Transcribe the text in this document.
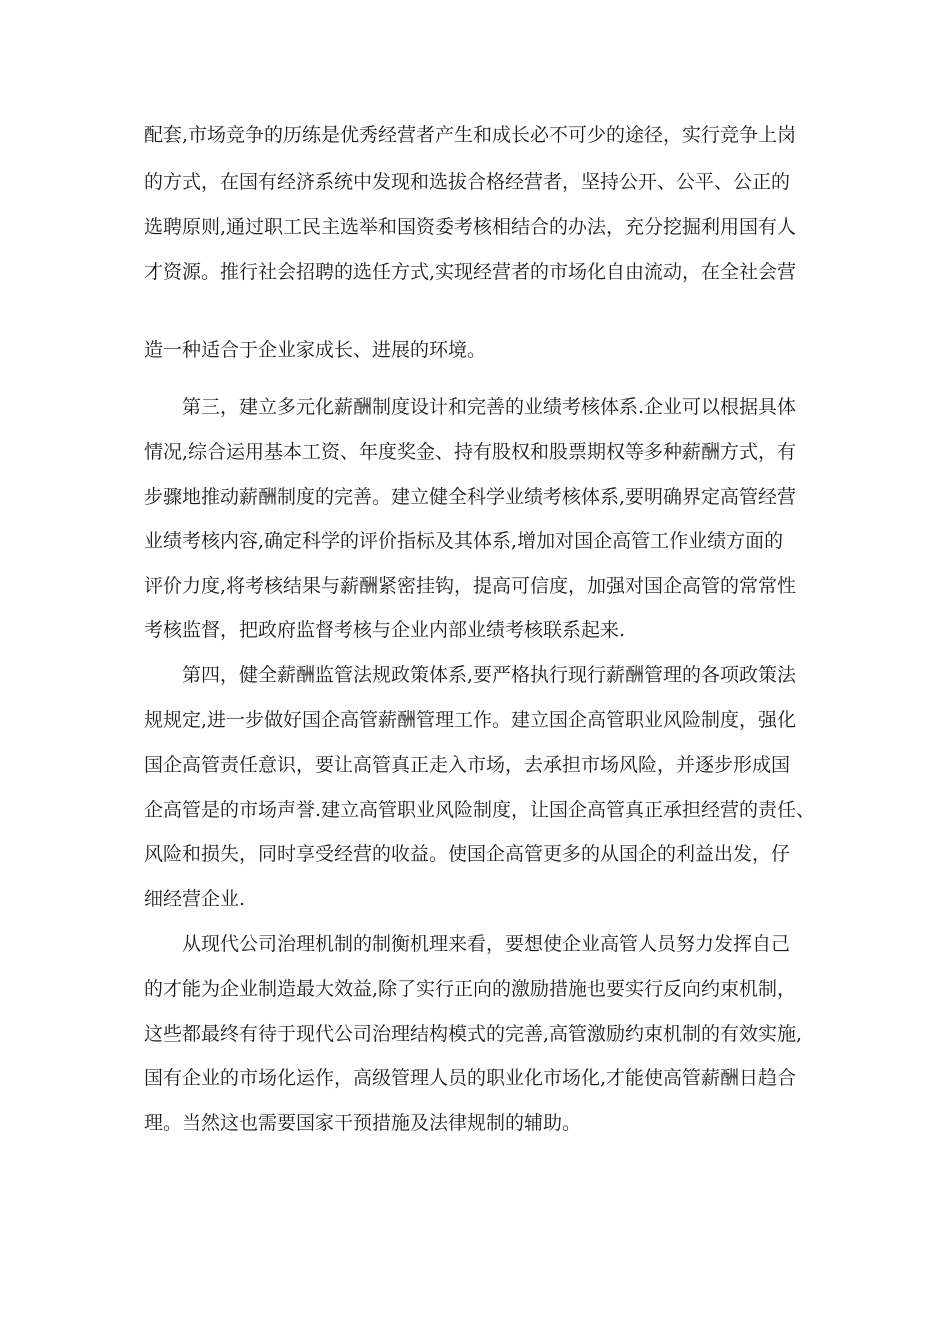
配套,市场竞争的历练是优秀经营者产生和成长必不可少的途径，实行竞争上岗
的方式，在国有经济系统中发现和选拔合格经营者，坚持公开、公平、公正的
选聘原则,通过职工民主选举和国资委考核相结合的办法，充分挖掘利用国有人
才资源。推行社会招聘的选任方式,实现经营者的市场化自由流动，在全社会营
造一种适合于企业家成长、进展的环境。
第三，建立多元化薪酬制度设计和完善的业绩考核体系.企业可以根据具体
情况,综合运用基本工资、年度奖金、持有股权和股票期权等多种薪酬方式，有
步骤地推动薪酬制度的完善。建立健全科学业绩考核体系,要明确界定高管经营
业绩考核内容,确定科学的评价指标及其体系,增加对国企高管工作业绩方面的
评价力度,将考核结果与薪酬紧密挂钩，提高可信度，加强对国企高管的常常性
考核监督，把政府监督考核与企业内部业绩考核联系起来.
第四，健全薪酬监管法规政策体系,要严格执行现行薪酬管理的各项政策法
规规定,进一步做好国企高管薪酬管理工作。建立国企高管职业风险制度，强化
国企高管责任意识，要让高管真正走入市场，去承担市场风险，并逐步形成国
企高管是的市场声誉.建立高管职业风险制度，让国企高管真正承担经营的责任、
风险和损失，同时享受经营的收益。使国企高管更多的从国企的利益出发，仔
细经营企业.
从现代公司治理机制的制衡机理来看，要想使企业高管人员努力发挥自己
的才能为企业制造最大效益,除了实行正向的激励措施也要实行反向约束机制，
这些都最终有待于现代公司治理结构模式的完善,高管激励约束机制的有效实施,
国有企业的市场化运作，高级管理人员的职业化市场化,才能使高管薪酬日趋合
理。当然这也需要国家干预措施及法律规制的辅助。
